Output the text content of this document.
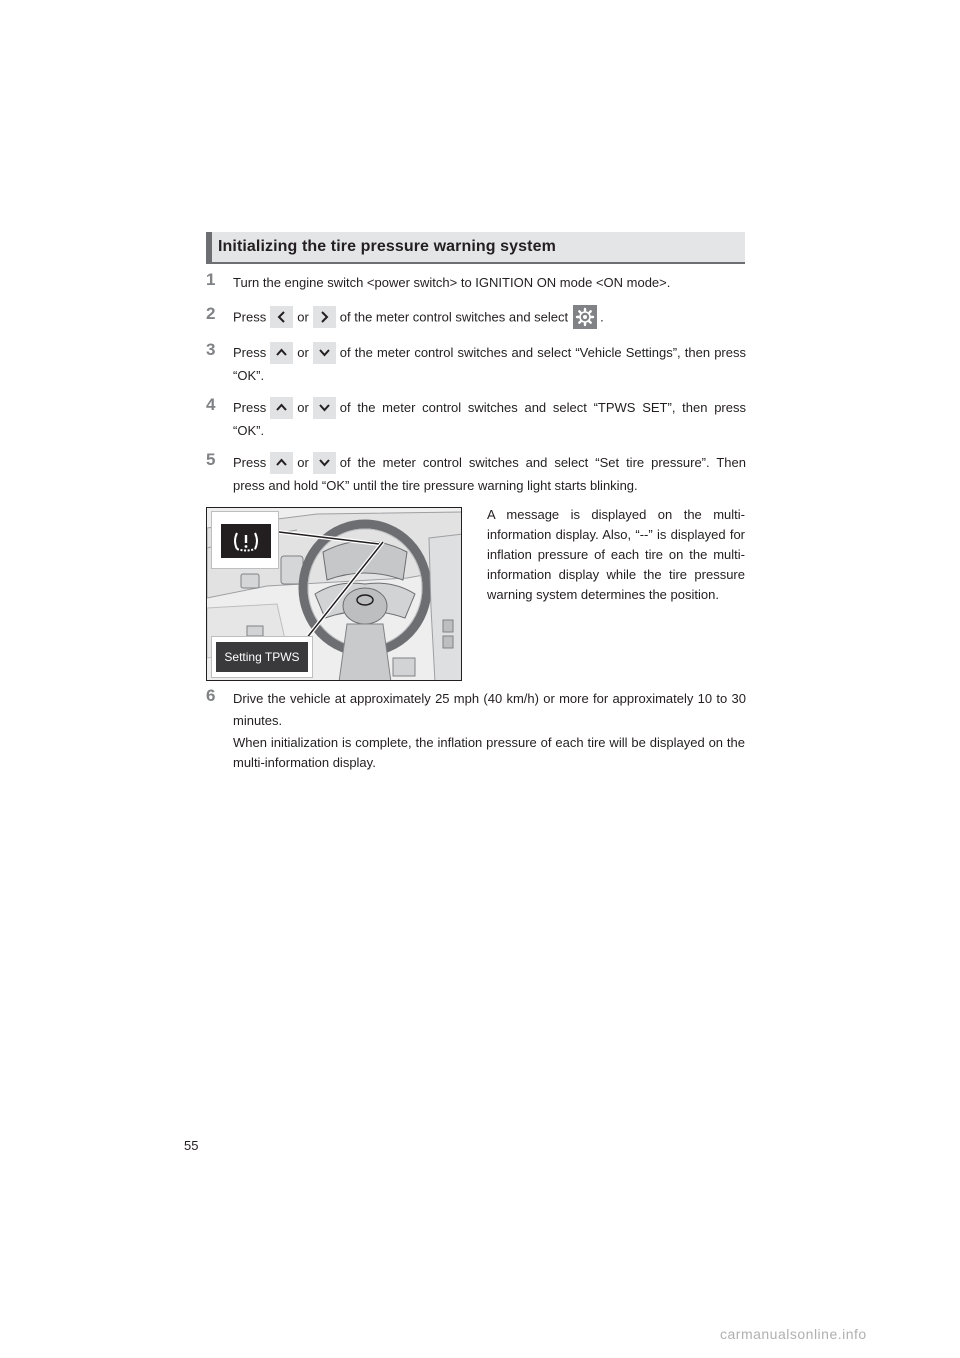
Initializing the tire pressure warning system
1	Turn the engine switch <power switch> to IGNITION ON mode <ON mode>.
2	Press or of the meter control switches and select .
3	Press or of the meter control switches and select “Vehicle Settings”, then press “OK”.
4	Press or of the meter control switches and select “TPWS SET”, then press “OK”.
5	Press or of the meter control switches and select “Set tire pressure”. Then press and hold “OK” until the tire pressure warning light starts blinking.
Setting TPWS
A message is displayed on the multi-information display. Also, “--” is displayed for inflation pressure of each tire on the multi-information display while the tire pressure warning system determines the position.
6	Drive the vehicle at approximately 25 mph (40 km/h) or more for approximately 10 to 30 minutes.
When initialization is complete, the inflation pressure of each tire will be displayed on the multi-information display.
55
carmanualsonline.info
